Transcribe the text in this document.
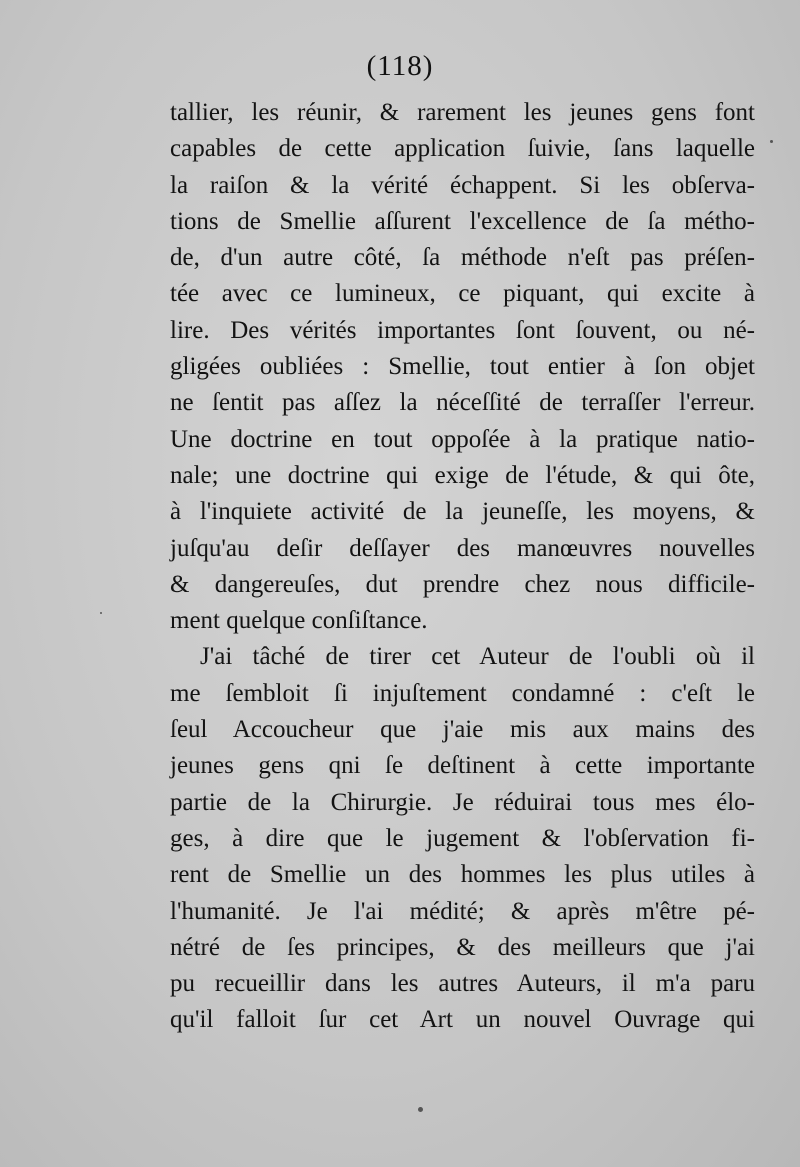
(118)
tallier, les réunir, & rarement les jeunes gens font
capables de cette application ſuivie, ſans laquelle
la raiſon & la vérité échappent. Si les obſerva-
tions de Smellie aſſurent l'excellence de ſa métho-
de, d'un autre côté, ſa méthode n'eſt pas préſen-
tée avec ce lumineux, ce piquant, qui excite à
lire. Des vérités importantes ſont ſouvent, ou né-
gligées oubliées : Smellie, tout entier à ſon objet
ne ſentit pas aſſez la néceſſité de terraſſer l'erreur.
Une doctrine en tout oppoſée à la pratique natio-
nale; une doctrine qui exige de l'étude, & qui ôte,
à l'inquiete activité de la jeuneſſe, les moyens, &
juſqu'au deſir deſſayer des manœuvres nouvelles
& dangereuſes, dut prendre chez nous difficile-
ment quelque conſiſtance.
J'ai tâché de tirer cet Auteur de l'oubli où il
me ſembloit ſi injuſtement condamné : c'eſt le
ſeul Accoucheur que j'aie mis aux mains des
jeunes gens qni ſe deſtinent à cette importante
partie de la Chirurgie. Je réduirai tous mes élo-
ges, à dire que le jugement & l'obſervation fi-
rent de Smellie un des hommes les plus utiles à
l'humanité. Je l'ai médité; & après m'être pé-
nétré de ſes principes, & des meilleurs que j'ai
pu recueillir dans les autres Auteurs, il m'a paru
qu'il falloit ſur cet Art un nouvel Ouvrage qui
